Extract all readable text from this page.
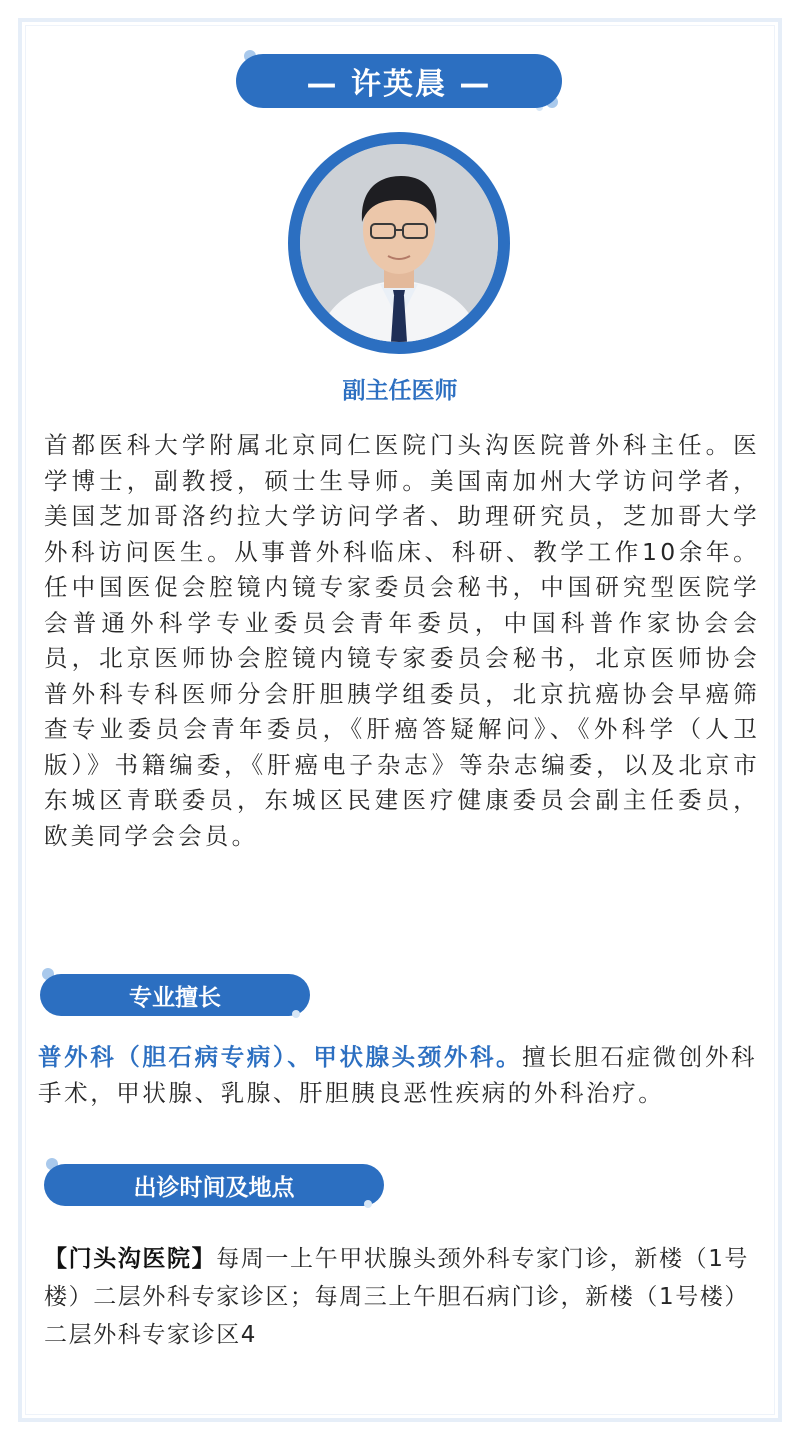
— 许英晨 —
副主任医师

首都医科大学附属北京同仁医院门头沟医院普外科主任。医学博士，副教授，硕士生导师。美国南加州大学访问学者，美国芝加哥洛约拉大学访问学者、助理研究员，芝加哥大学外科访问医生。从事普外科临床、科研、教学工作10余年。任中国医促会腔镜内镜专家委员会秘书，中国研究型医院学会普通外科学专业委员会青年委员，中国科普作家协会会员，北京医师协会腔镜内镜专家委员会秘书，北京医师协会普外科专科医师分会肝胆胰学组委员，北京抗癌协会早癌筛查专业委员会青年委员，《肝癌答疑解问》、《外科学（人卫版）》书籍编委，《肝癌电子杂志》等杂志编委，以及北京市东城区青联委员，东城区民建医疗健康委员会副主任委员，欧美同学会会员。

专业擅长

普外科（胆石病专病）、甲状腺头颈外科。擅长胆石症微创外科手术，甲状腺、乳腺、肝胆胰良恶性疾病的外科治疗。

出诊时间及地点

【门头沟医院】每周一上午甲状腺头颈外科专家门诊，新楼（1号楼）二层外科专家诊区；每周三上午胆石病门诊，新楼（1号楼）二层外科专家诊区4
